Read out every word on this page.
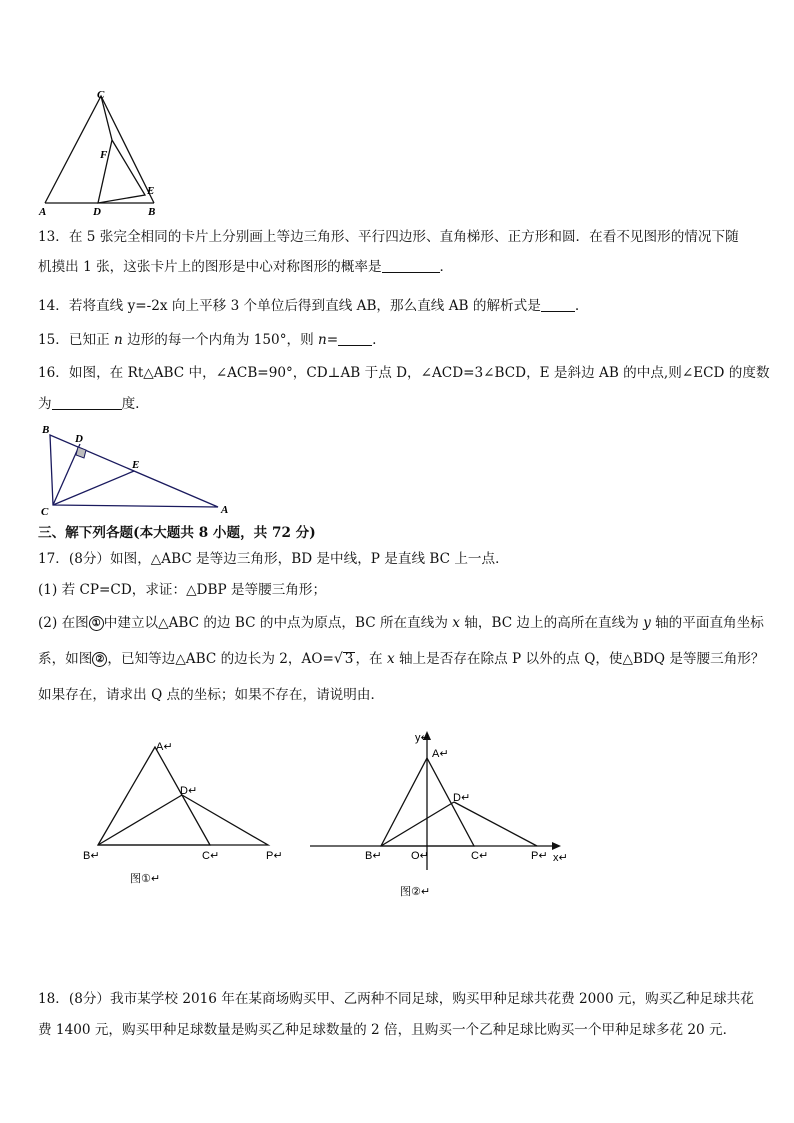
C
F
E
A	D	B
13．在 5 张完全相同的卡片上分别画上等边三角形、平行四边形、直角梯形、正方形和圆．在看不见图形的情况下随
机摸出 1 张，这张卡片上的图形是中心对称图形的概率是	．
14．若将直线 y=-2x 向上平移 3 个单位后得到直线 AB，那么直线 AB 的解析式是	.
15．已知正 n 边形的每一个内角为 150°，则 n=	.
16．如图，在 Rt△ABC 中，∠ACB=90°，CD⊥AB 于点 D，∠ACD=3∠BCD，E 是斜边 AB 的中点,则∠ECD 的度数
为	度.
B
D
E
C	A
三、解下列各题(本大题共 8 小题，共 72 分)
17．(8分）如图，△ABC 是等边三角形，BD 是中线，P 是直线 BC 上一点．
(1) 若 CP=CD，求证：△DBP 是等腰三角形；
(2) 在图 ① 中建立以△ABC 的边 BC 的中点为原点，BC 所在直线为 x 轴，BC 边上的高所在直线为 y 轴的平面直角坐标
系，如图 ② ，已知等边△ABC 的边长为 2，AO=√ 3 ，在 x 轴上是否存在除点 P 以外的点 Q，使△BDQ 是等腰三角形？
如果存在，请求出 Q 点的坐标；如果不存在，请说明由．
A↵
D↵
B↵	C↵	P↵
图①↵
y↵
A↵
D↵
B↵	O↵	C↵	P↵ x↵
图②↵
18．(8分）我市某学校 2016 年在某商场购买甲、乙两种不同足球，购买甲种足球共花费 2000 元，购买乙种足球共花
费 1400 元，购买甲种足球数量是购买乙种足球数量的 2 倍，且购买一个乙种足球比购买一个甲种足球多花 20 元．
